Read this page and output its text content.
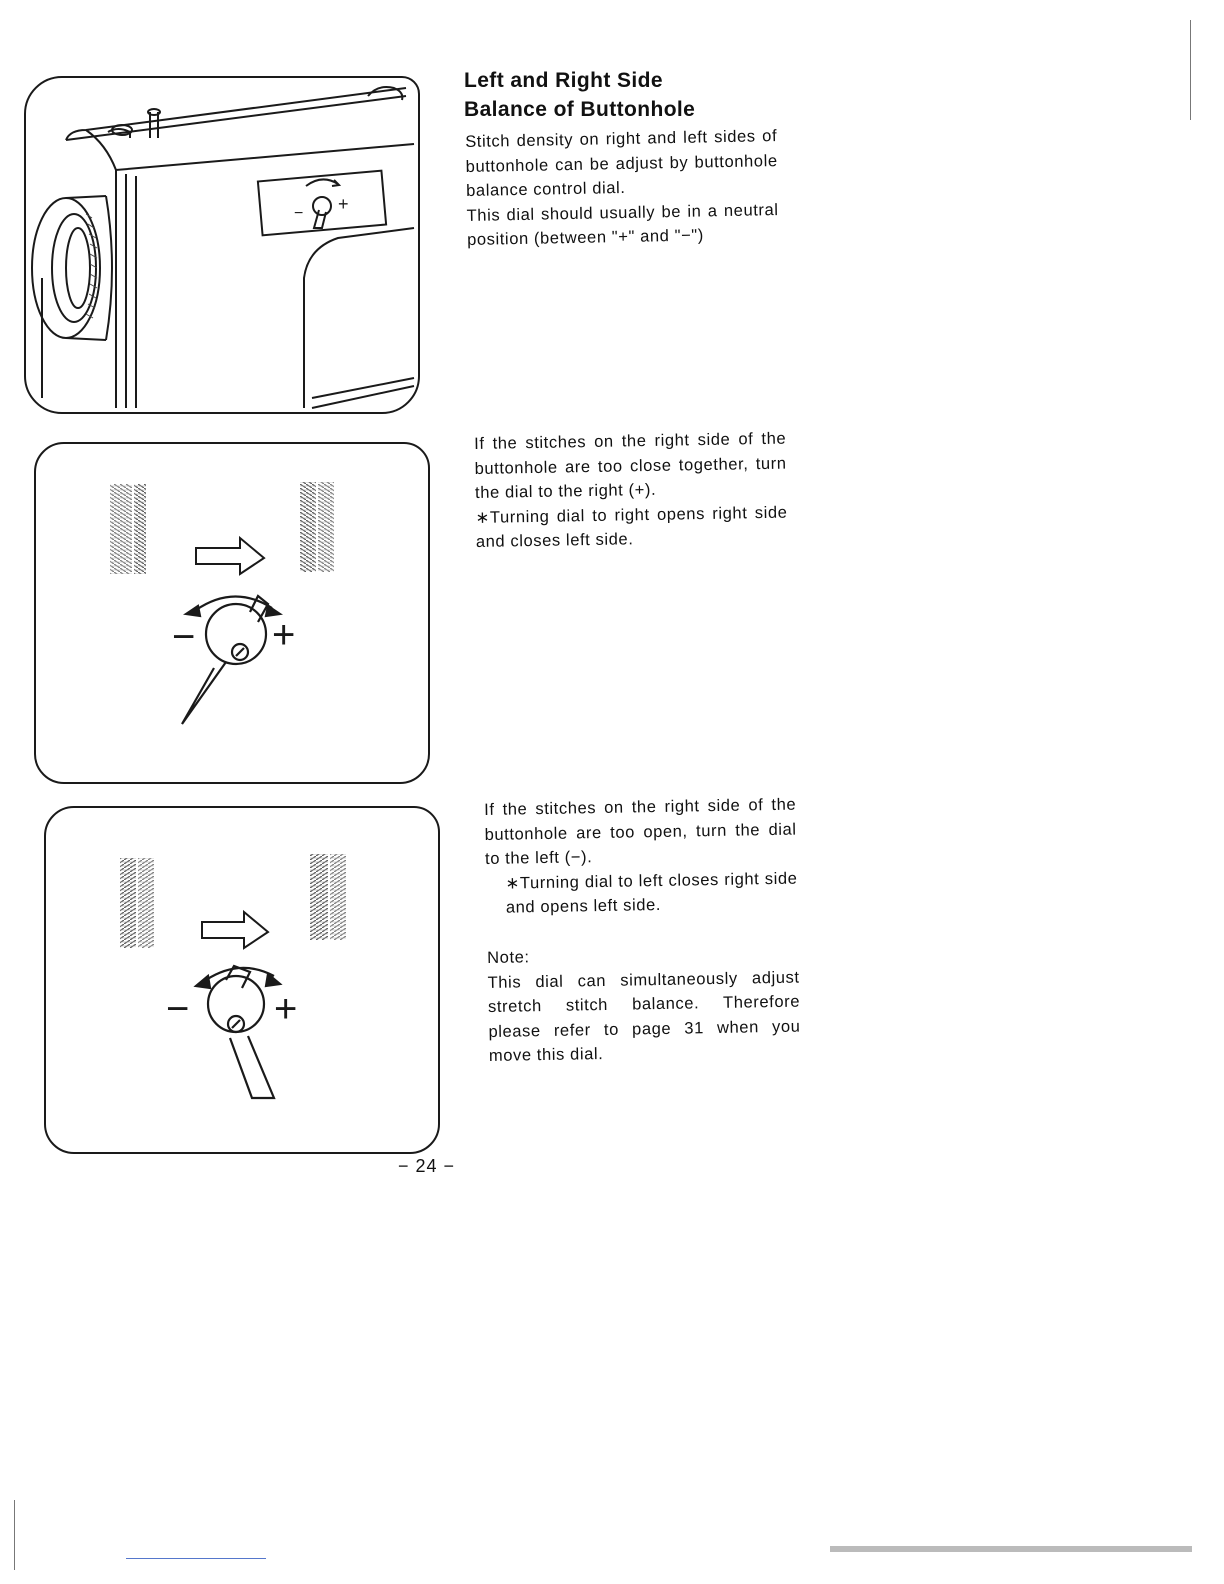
− +
− +
− +
Left and Right Side
Balance of Buttonhole

Stitch density on right and left sides of buttonhole can be adjust by buttonhole balance control dial.

This dial should usually be in a neutral position (between "+" and "−")

If the stitches on the right side of the buttonhole are too close together, turn the dial to the right (+).

∗Turning dial to right opens right side and closes left side.

If the stitches on the right side of the buttonhole are too open, turn the dial to the left (−).

∗Turning dial to left closes right side and opens left side.

Note:

This dial can simultaneously adjust stretch stitch balance. Therefore please refer to page 31 when you move this dial.

− 24 −
